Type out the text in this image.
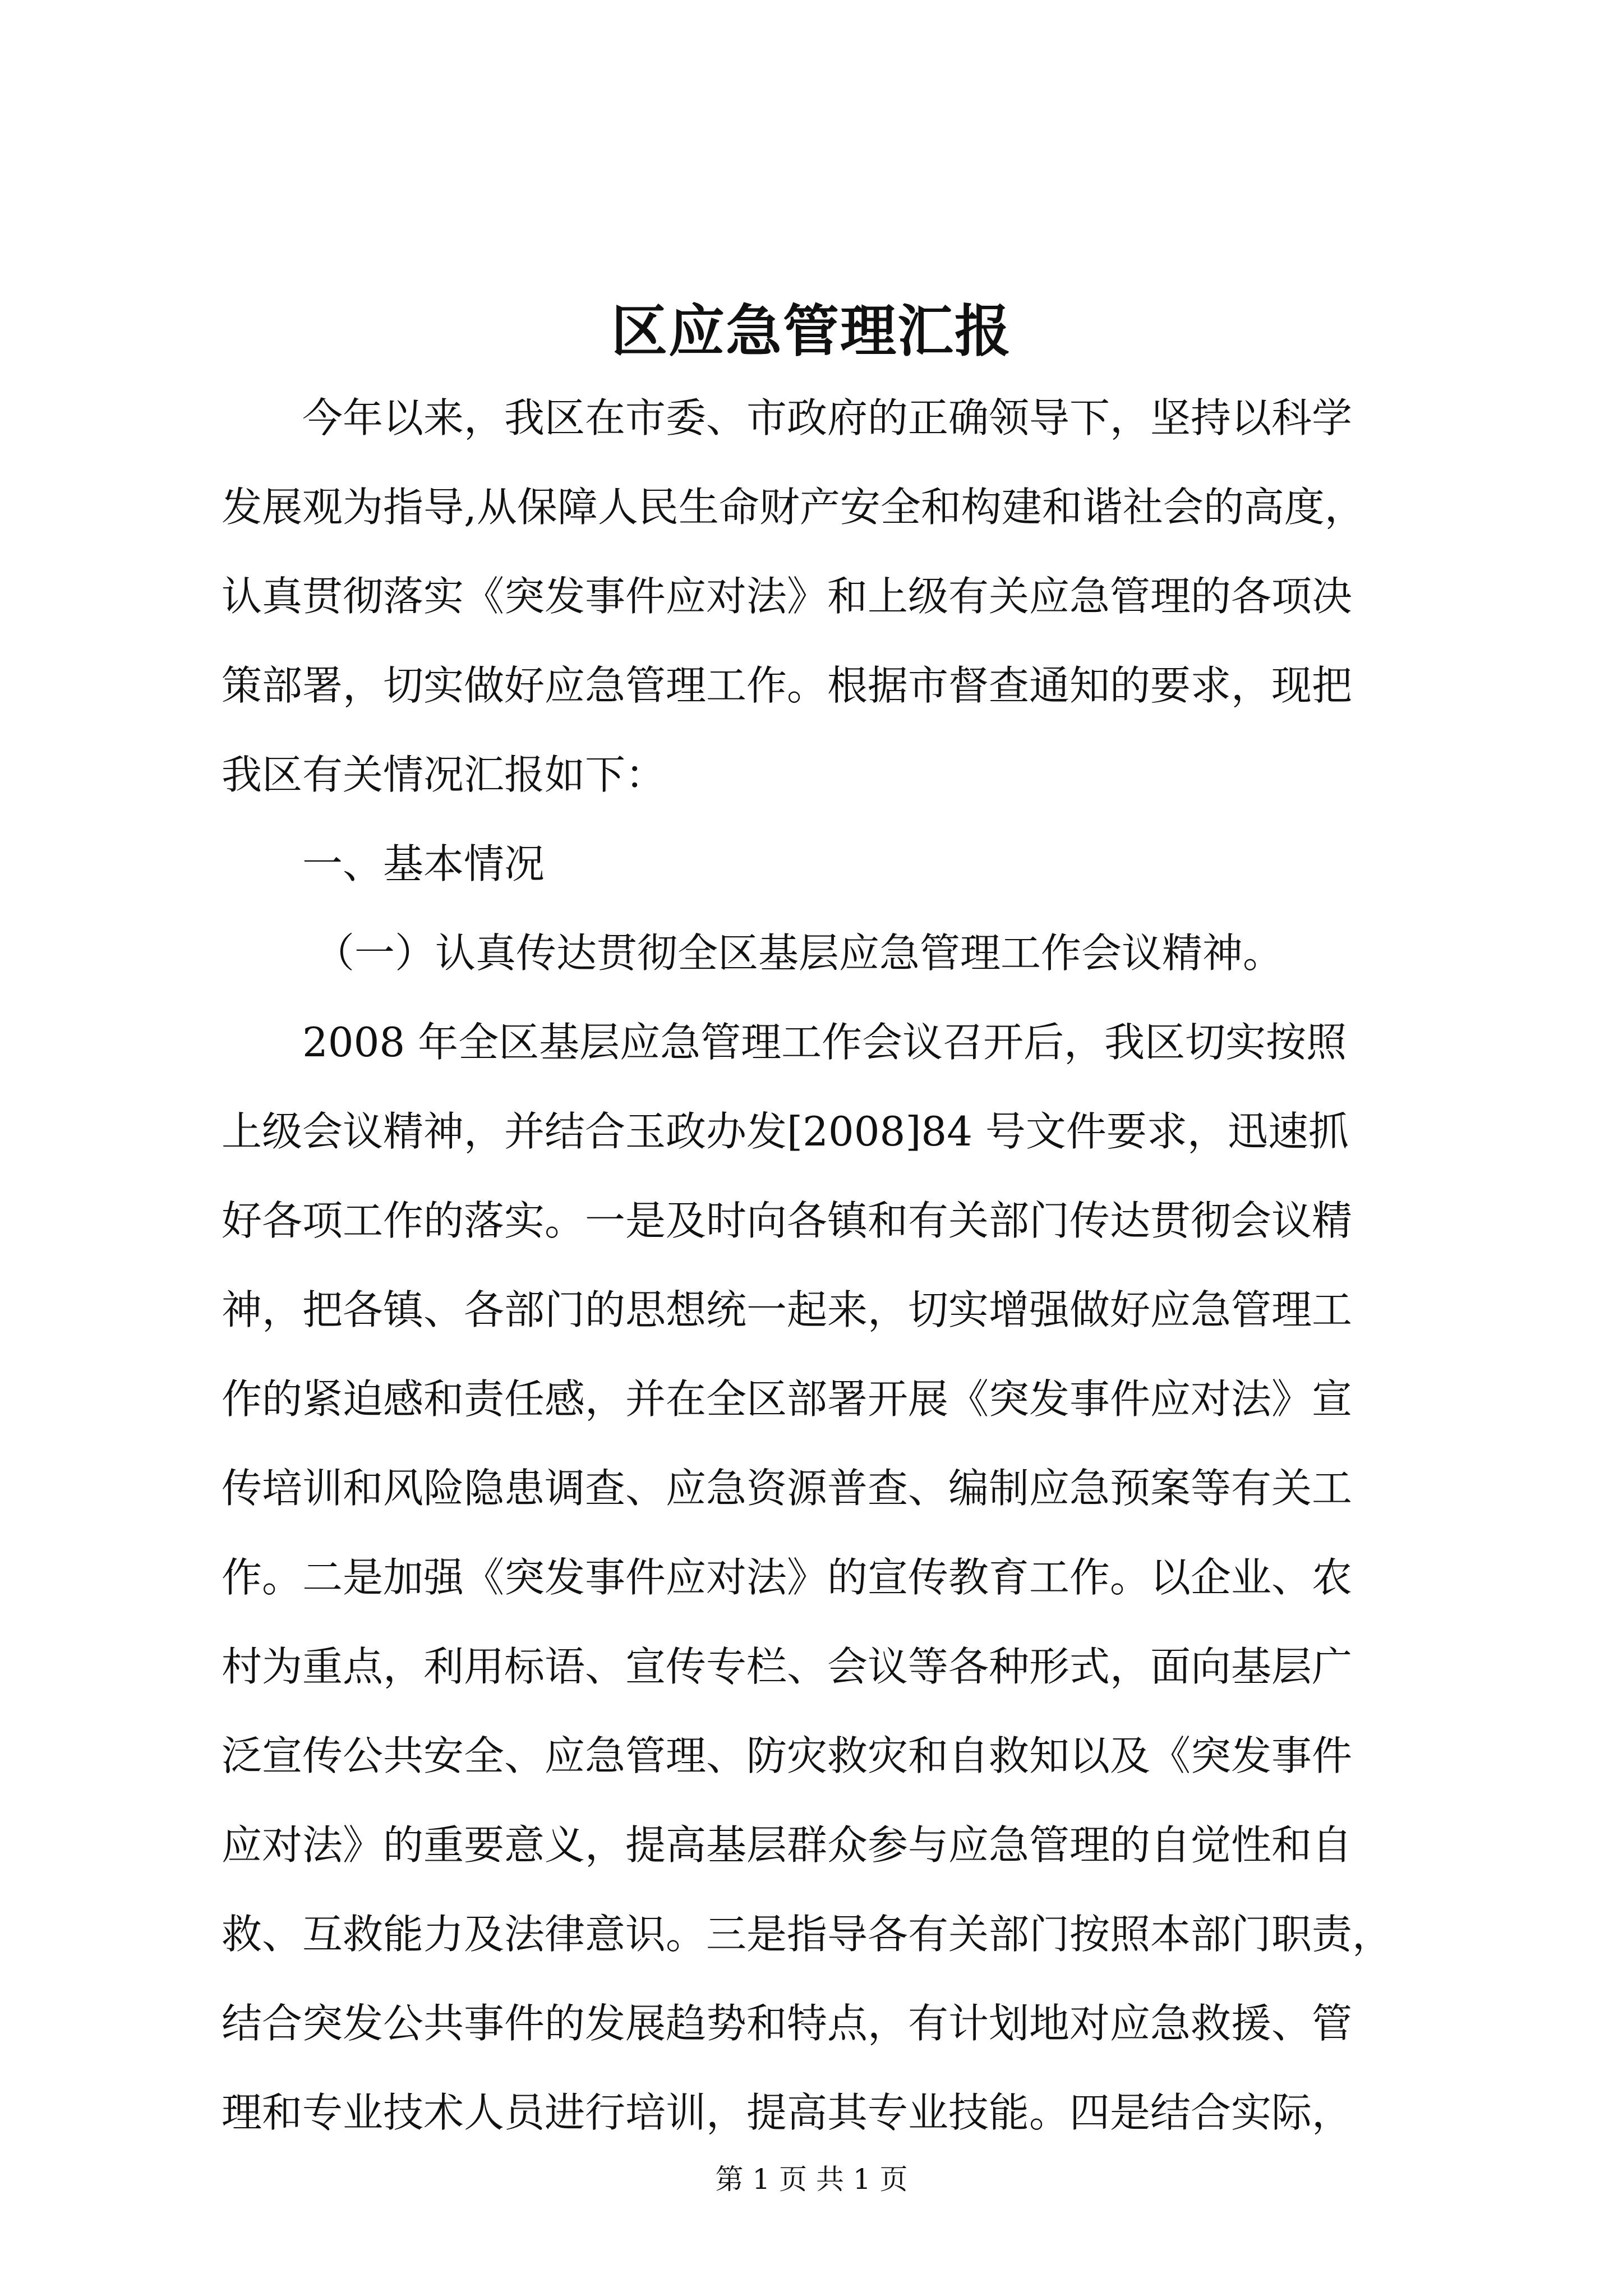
区应急管理汇报
今年以来，我区在市委、市政府的正确领导下，坚持以科学
发展观为指导,从保障人民生命财产安全和构建和谐社会的高度，
认真贯彻落实《突发事件应对法》和上级有关应急管理的各项决
策部署，切实做好应急管理工作。根据市督查通知的要求，现把
我区有关情况汇报如下：
一、基本情况
（一）认真传达贯彻全区基层应急管理工作会议精神。
2008 年全区基层应急管理工作会议召开后，我区切实按照
上级会议精神，并结合玉政办发[2008]84 号文件要求，迅速抓
好各项工作的落实。一是及时向各镇和有关部门传达贯彻会议精
神，把各镇、各部门的思想统一起来，切实增强做好应急管理工
作的紧迫感和责任感，并在全区部署开展《突发事件应对法》宣
传培训和风险隐患调查、应急资源普查、编制应急预案等有关工
作。二是加强《突发事件应对法》的宣传教育工作。以企业、农
村为重点，利用标语、宣传专栏、会议等各种形式，面向基层广
泛宣传公共安全、应急管理、防灾救灾和自救知以及《突发事件
应对法》的重要意义，提高基层群众参与应急管理的自觉性和自
救、互救能力及法律意识。三是指导各有关部门按照本部门职责，
结合突发公共事件的发展趋势和特点，有计划地对应急救援、管
理和专业技术人员进行培训，提高其专业技能。四是结合实际，
第 1 页 共 1 页
